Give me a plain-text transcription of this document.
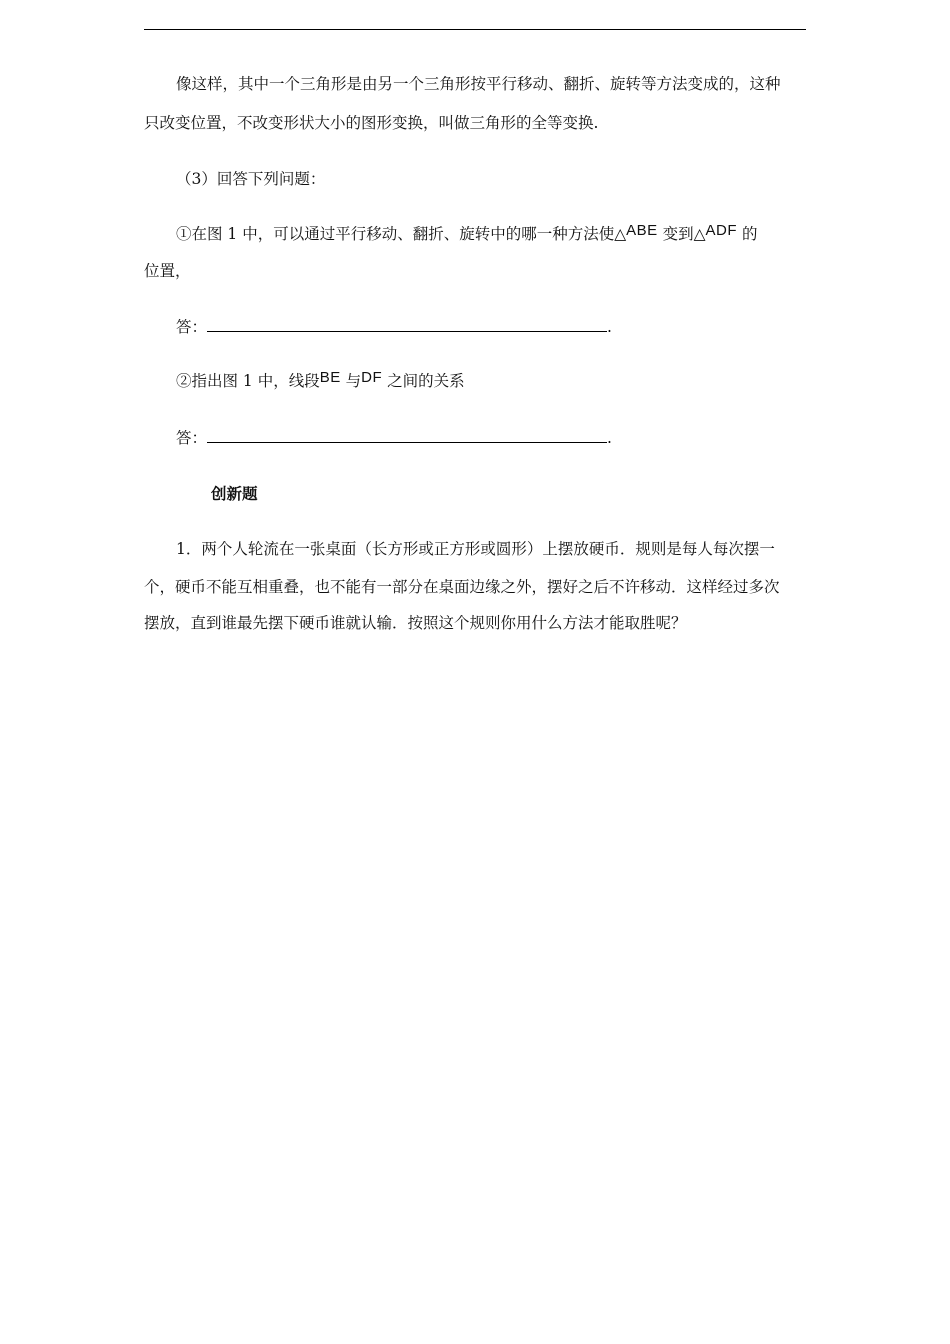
像这样，其中一个三角形是由另一个三角形按平行移动、翻折、旋转等方法变成的，这种
只改变位置，不改变形状大小的图形变换，叫做三角形的全等变换.
（3）回答下列问题：
①在图 1 中，可以通过平行移动、翻折、旋转中的哪一种方法使△ABE 变到△ADF 的
位置，
答：	.
②指出图 1 中，线段BE 与DF 之间的关系
答：	.
创新题
1．两个人轮流在一张桌面（长方形或正方形或圆形）上摆放硬币．规则是每人每次摆一
个，硬币不能互相重叠，也不能有一部分在桌面边缘之外，摆好之后不许移动．这样经过多次
摆放，直到谁最先摆下硬币谁就认输．按照这个规则你用什么方法才能取胜呢？
